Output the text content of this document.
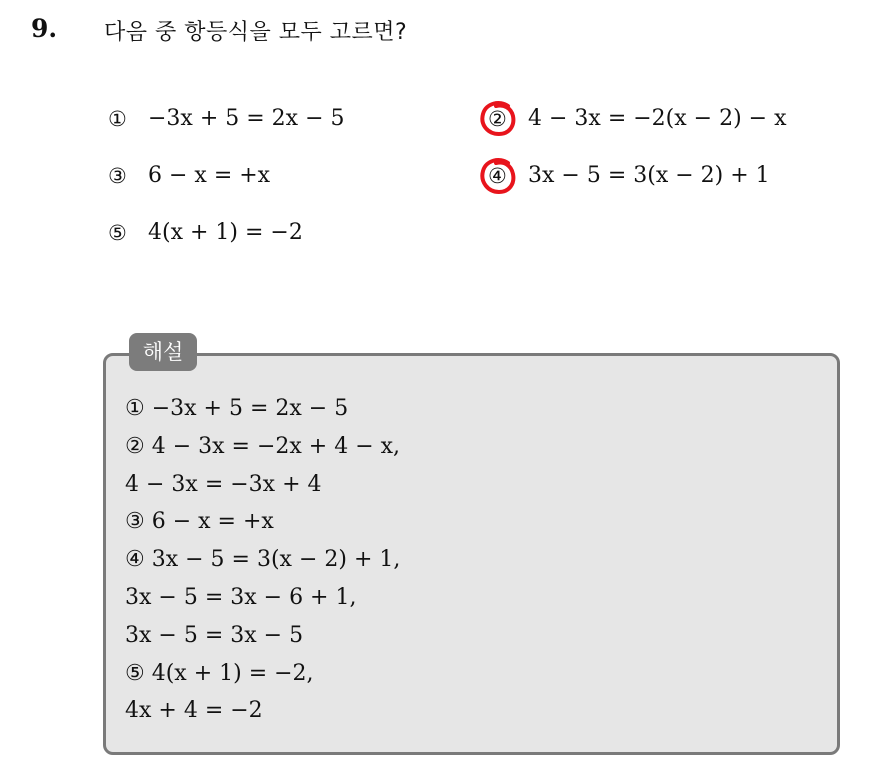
9. 다음 중 항등식을 모두 고르면?
① −3x + 5 = 2x − 5	② 4 − 3x = −2(x − 2) − x
③ 6 − x = +x	④ 3x − 5 = 3(x − 2) + 1
⑤ 4(x + 1) = −2
해설
① −3x + 5 = 2x − 5
② 4 − 3x = −2x + 4 − x,
4 − 3x = −3x + 4
③ 6 − x = +x
④ 3x − 5 = 3(x − 2) + 1,
3x − 5 = 3x − 6 + 1,
3x − 5 = 3x − 5
⑤ 4(x + 1) = −2,
4x + 4 = −2
